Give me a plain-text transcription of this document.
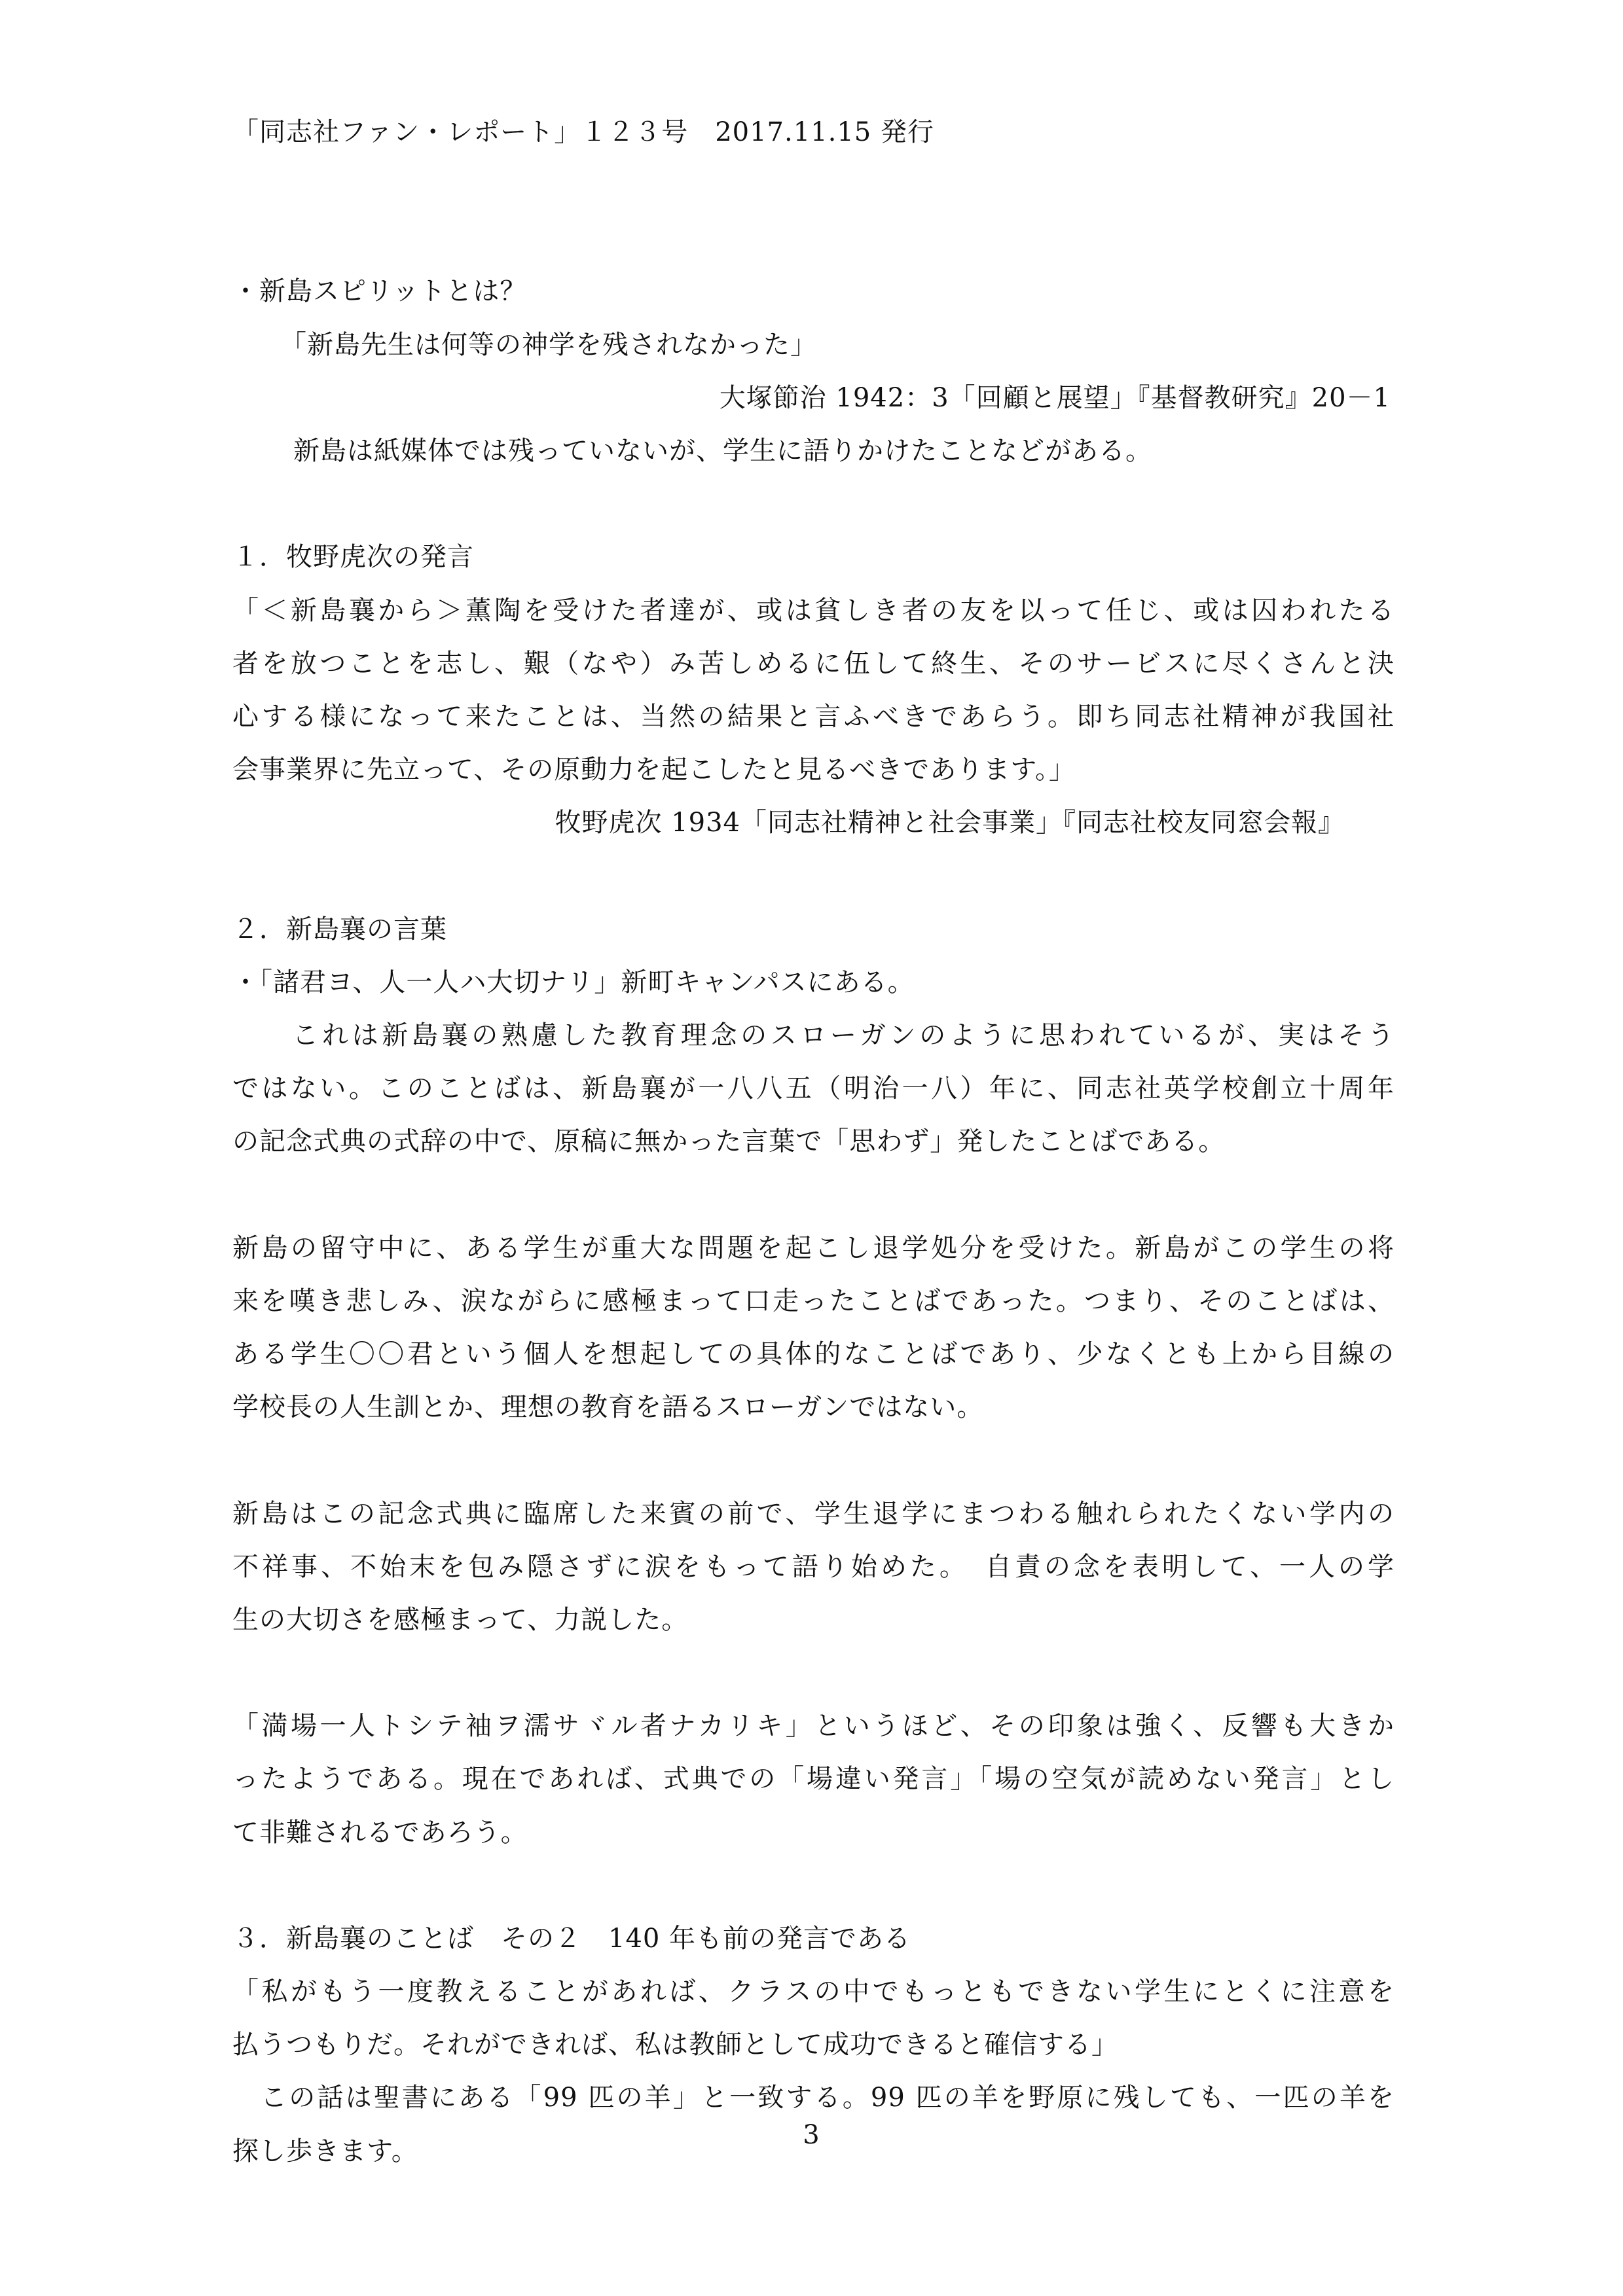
「同志社ファン・レポート」１２３号　2017.11.15 発行
・新島スピリットとは？
「新島先生は何等の神学を残されなかった」
大塚節治 1942：3「回顧と展望」『基督教研究』20－1
新島は紙媒体では残っていないが、学生に語りかけたことなどがある。
１．牧野虎次の発言
「＜新島襄から＞薫陶を受けた者達が、或は貧しき者の友を以って任じ、或は囚われたる
者を放つことを志し、艱（なや）み苦しめるに伍して終生、そのサービスに尽くさんと決
心する様になって来たことは、当然の結果と言ふべきであらう。即ち同志社精神が我国社
会事業界に先立って、その原動力を起こしたと見るべきであります。」
牧野虎次 1934「同志社精神と社会事業」『同志社校友同窓会報』
２．新島襄の言葉
・「諸君ヨ、人一人ハ大切ナリ」新町キャンパスにある。
　　これは新島襄の熟慮した教育理念のスローガンのように思われているが、実はそう
ではない。このことばは、新島襄が一八八五（明治一八）年に、同志社英学校創立十周年
の記念式典の式辞の中で、原稿に無かった言葉で「思わず」発したことばである。
新島の留守中に、ある学生が重大な問題を起こし退学処分を受けた。新島がこの学生の将
来を嘆き悲しみ、涙ながらに感極まって口走ったことばであった。つまり、そのことばは、
ある学生〇〇君という個人を想起しての具体的なことばであり、少なくとも上から目線の
学校長の人生訓とか、理想の教育を語るスローガンではない。
新島はこの記念式典に臨席した来賓の前で、学生退学にまつわる触れられたくない学内の
不祥事、不始末を包み隠さずに涙をもって語り始めた。　自責の念を表明して、一人の学
生の大切さを感極まって、力説した。
「満場一人トシテ袖ヲ濡サヾル者ナカリキ」というほど、その印象は強く、反響も大きか
ったようである。現在であれば、式典での「場違い発言」「場の空気が読めない発言」とし
て非難されるであろう。
３．新島襄のことば　その２　140 年も前の発言である
「私がもう一度教えることがあれば、クラスの中でもっともできない学生にとくに注意を
払うつもりだ。それができれば、私は教師として成功できると確信する」
　この話は聖書にある「99 匹の羊」と一致する。99 匹の羊を野原に残しても、一匹の羊を
探し歩きます。
3
